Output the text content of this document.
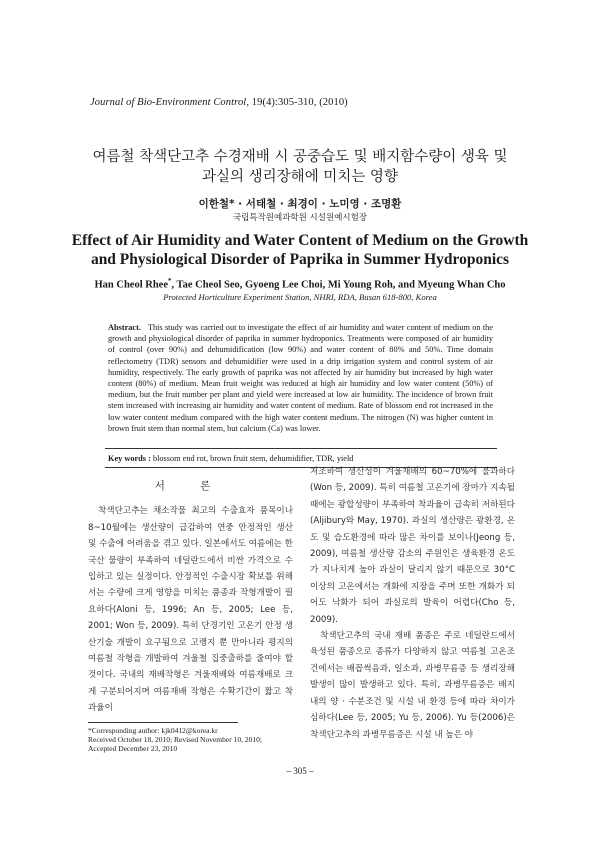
Journal of Bio-Environment Control, 19(4):305-310, (2010)
여름철 착색단고추 수경재배 시 공중습도 및 배지함수량이 생육 및
과실의 생리장해에 미치는 영향
이한철* · 서태철 · 최경이 · 노미영 · 조명환
국립특작원예과학원 시설원예시험장
Effect of Air Humidity and Water Content of Medium on the Growth
and Physiological Disorder of Paprika in Summer Hydroponics
Han Cheol Rhee*, Tae Cheol Seo, Gyoeng Lee Choi, Mi Young Roh, and Myeung Whan Cho
Protected Horticulture Experiment Station, NHRI, RDA, Busan 618-800, Korea
Abstract. This study was carried out to investigate the effect of air humidity and water content of medium on the growth and physiological disorder of paprika in summer hydroponics. Treatments were composed of air humidity of control (over 90%) and dehumidification (low 90%) and water content of 80% and 50%. Time domain reflectometry (TDR) sensors and dehumidifier were used in a drip irrigation system and control system of air humidity, respectively. The early growth of paprika was not affected by air humidity but increased by high water content (80%) of medium. Mean fruit weight was reduced at high air humidity and low water content (50%) of medium, but the fruit number per plant and yield were increased at low air humidity. The incidence of brown fruit stem increased with increasing air humidity and water content of medium. Rate of blossom end rot increased in the low water content medium compared with the high water content medium. The nitrogen (N) was higher content in brown fruit stem than normal stem, but calcium (Ca) was lower.
Key words : blossom end rot, brown fruit stem, dehumidifier, TDR, yield
서 론

착색단고추는 채소작물 최고의 수출효자 품목이나 8~10월에는 생산량이 급감하여 연중 안정적인 생산 및 수출에 어려움을 겪고 있다. 일본에서도 여름에는 한국산 물량이 부족하여 네덜란드에서 비싼 가격으로 수입하고 있는 실정이다. 안정적인 수출시장 확보를 위해서는 수량에 크게 영향을 미치는 품종과 작형개발이 필요하다(Aloni 등, 1996; An 등, 2005; Lee 등, 2001; Won 등, 2009). 특히 단경기인 고온기 안정 생산기술 개발이 요구됨으로 고랭지 뿐 만아니라 평지의 여름철 작형을 개발하여 겨울철 집중출하를 줄여야 할 것이다. 국내의 재배작형은 겨울재배와 여름재배로 크게 구분되어지며 여름재배 작형은 수확기간이 짧고 착과율이

저조하여 생산성이 겨울재배의 60~70%에 불과하다(Won 등, 2009). 특히 여름철 고온기에 장마가 지속될 때에는 광합성량이 부족하여 착과율이 급속히 저하된다(Aljibury와 May, 1970). 과실의 생산량은 광환경, 온도 및 습도환경에 따라 많은 차이를 보이나(Jeong 등, 2009), 여름철 생산량 감소의 주원인은 생육환경 온도가 지나치게 높아 과실이 달리지 않기 때문으로 30°C 이상의 고온에서는 개화에 지장을 주며 또한 개화가 되어도 낙화가 되어 과실로의 발육이 어렵다(Cho 등, 2009).

착색단고추의 국내 재배 품종은 주로 네덜란드에서 육성된 품종으로 종류가 다양하지 않고 여름철 고온조건에서는 배꼽썩음과, 일소과, 과병무름증 등 생리장해 발생이 많이 발생하고 있다. 특히, 과병무름증은 배지 내의 양 · 수분조건 및 시설 내 환경 등에 따라 차이가 심하다(Lee 등, 2005; Yu 등, 2006). Yu 등(2006)은 착색단고추의 과병무름증은 시설 내 높은 야

*Corresponding author: kjk0412@korea.kr
Received October 18, 2010; Revised November 10, 2010;
Accepted December 23, 2010
– 305 –
